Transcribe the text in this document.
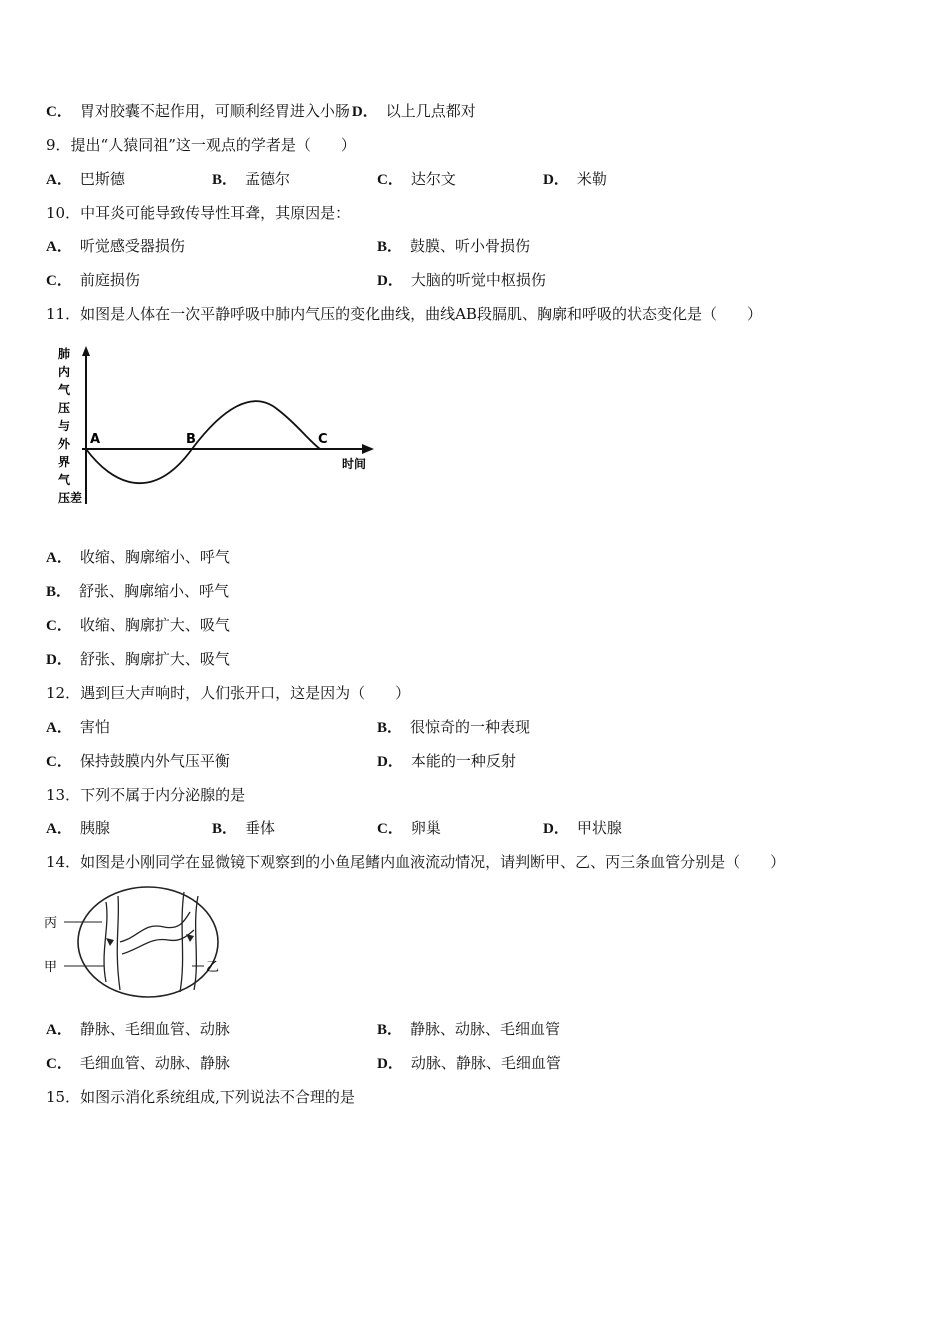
C． 胃对胶囊不起作用，可顺利经胃进入小肠 D． 以上几点都对
9．提出“人猿同祖”这一观点的学者是（　　）
A． 巴斯德	B． 孟德尔	C． 达尔文	D． 米勒
10．中耳炎可能导致传导性耳聋，其原因是：
A． 听觉感受器损伤	B． 鼓膜、听小骨损伤
C． 前庭损伤	D． 大脑的听觉中枢损伤
11．如图是人体在一次平静呼吸中肺内气压的变化曲线，曲线AB段膈肌、胸廓和呼吸的状态变化是（　　）
肺
内
气
压
与
外
界
气
压差
A	B	C
时间
A． 收缩、胸廓缩小、呼气
B． 舒张、胸廓缩小、呼气
C． 收缩、胸廓扩大、吸气
D． 舒张、胸廓扩大、吸气
12．遇到巨大声响时，人们张开口，这是因为（　　）
A． 害怕	B． 很惊奇的一种表现
C． 保持鼓膜内外气压平衡	D． 本能的一种反射
13．下列不属于内分泌腺的是
A． 胰腺	B． 垂体	C． 卵巢	D． 甲状腺
14．如图是小刚同学在显微镜下观察到的小鱼尾鳍内血液流动情况，请判断甲、乙、丙三条血管分别是（　　）
丙
甲	乙
A． 静脉、毛细血管、动脉	B． 静脉、动脉、毛细血管
C． 毛细血管、动脉、静脉	D． 动脉、静脉、毛细血管
15．如图示消化系统组成,下列说法不合理的是
